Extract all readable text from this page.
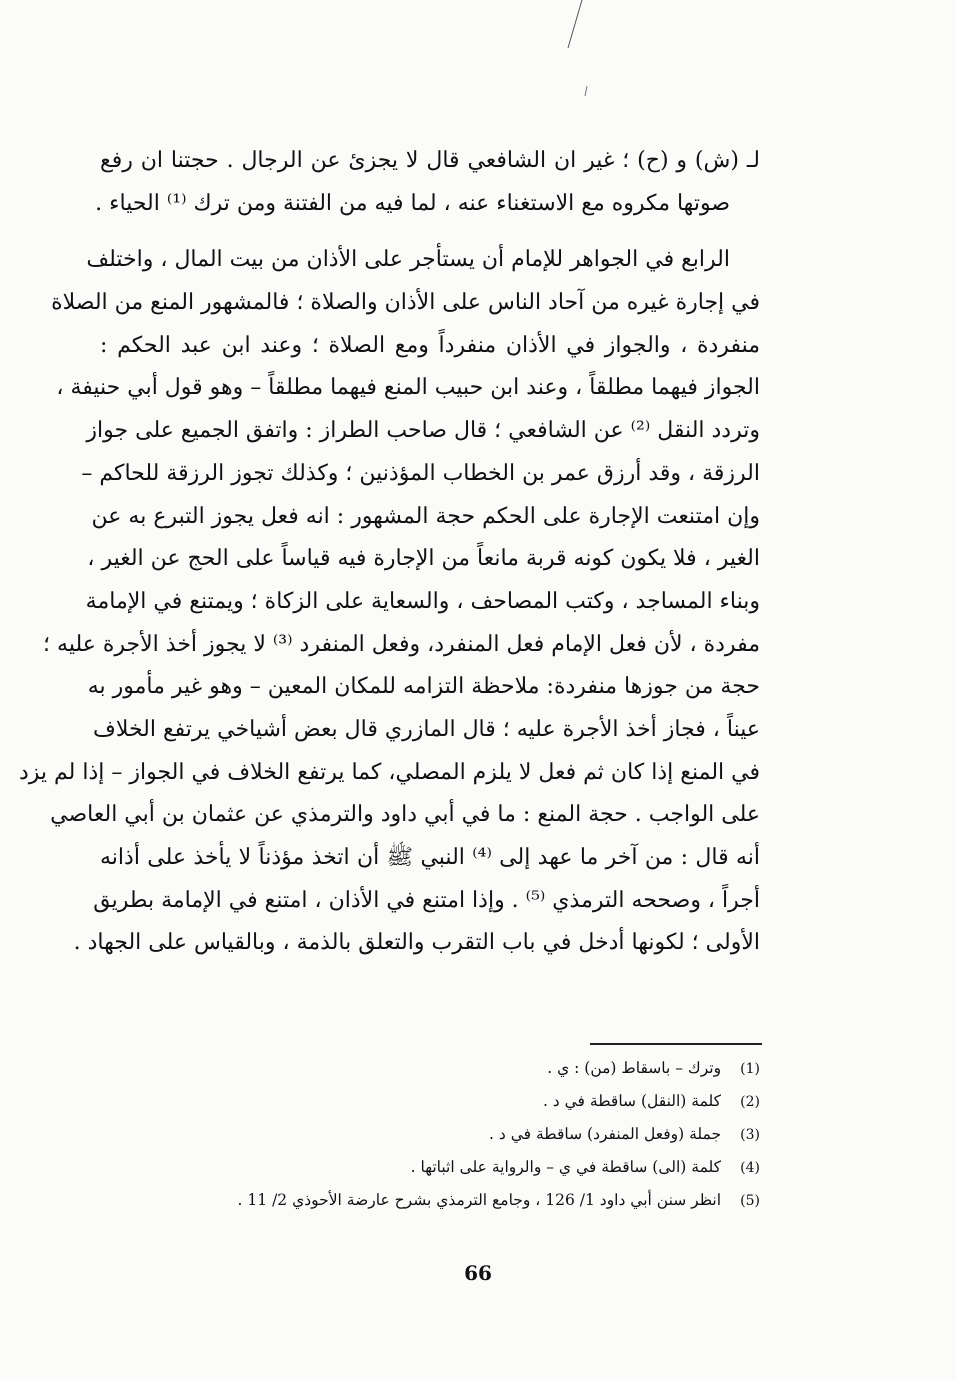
لـ (ش) و (ح) ؛ غير ان الشافعي قال لا يجزئ عن الرجال . حجتنا ان رفع
صوتها مكروه مع الاستغناء عنه ، لما فيه من الفتنة ومن ترك ⁽¹⁾ الحياء .
الرابع في الجواهر للإمام أن يستأجر على الأذان من بيت المال ، واختلف
في إجارة غيره من آحاد الناس على الأذان والصلاة ؛ فالمشهور المنع من الصلاة
منفردة ، والجواز في الأذان منفرداً ومع الصلاة ؛ وعند ابن عبد الحكم :
الجواز فيهما مطلقاً ، وعند ابن حبيب المنع فيهما مطلقاً – وهو قول أبي حنيفة ،
وتردد النقل ⁽²⁾ عن الشافعي ؛ قال صاحب الطراز : واتفق الجميع على جواز
الرزقة ، وقد أرزق عمر بن الخطاب المؤذنين ؛ وكذلك تجوز الرزقة للحاكم –
وإن امتنعت الإجارة على الحكم حجة المشهور : انه فعل يجوز التبرع به عن
الغير ، فلا يكون كونه قربة مانعاً من الإجارة فيه قياساً على الحج عن الغير ،
وبناء المساجد ، وكتب المصاحف ، والسعاية على الزكاة ؛ ويمتنع في الإمامة
مفردة ، لأن فعل الإمام فعل المنفرد، وفعل المنفرد ⁽³⁾ لا يجوز أخذ الأجرة عليه ؛
حجة من جوزها منفردة: ملاحظة التزامه للمكان المعين – وهو غير مأمور به
عيناً ، فجاز أخذ الأجرة عليه ؛ قال المازري قال بعض أشياخي يرتفع الخلاف
في المنع إذا كان ثم فعل لا يلزم المصلي، كما يرتفع الخلاف في الجواز – إذا لم يزد
على الواجب . حجة المنع : ما في أبي داود والترمذي عن عثمان بن أبي العاصي
أنه قال : من آخر ما عهد إلى ⁽⁴⁾ النبي ﷺ أن اتخذ مؤذناً لا يأخذ على أذانه
أجراً ، وصححه الترمذي ⁽⁵⁾ . وإذا امتنع في الأذان ، امتنع في الإمامة بطريق
الأولى ؛ لكونها أدخل في باب التقرب والتعلق بالذمة ، وبالقياس على الجهاد .
(1) وترك – باسقاط (من) : ي .
(2) كلمة (النقل) ساقطة في د .
(3) جملة (وفعل المنفرد) ساقطة في د .
(4) كلمة (الى) ساقطة في ي – والرواية على اثباتها .
(5) انظر سنن أبي داود 1/ 126 ، وجامع الترمذي بشرح عارضة الأحوذي 2/ 11 .
66
